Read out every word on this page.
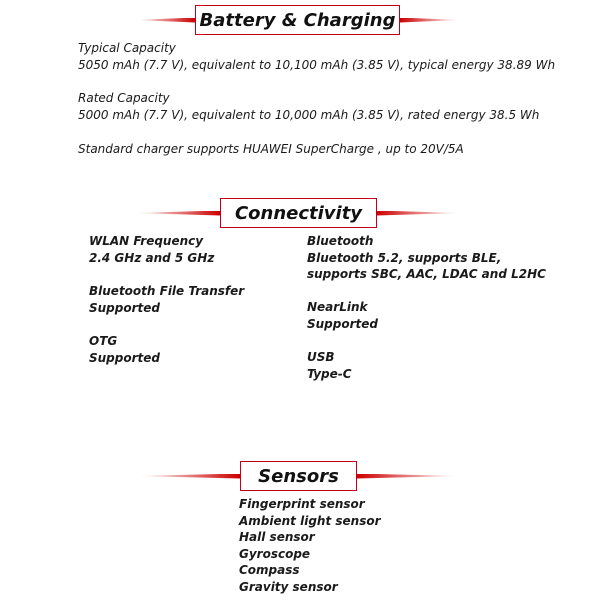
Battery & Charging
Typical Capacity
5050 mAh (7.7 V), equivalent to 10,100 mAh (3.85 V), typical energy 38.89 Wh
Rated Capacity
5000 mAh (7.7 V), equivalent to 10,000 mAh (3.85 V), rated energy 38.5 Wh
Standard charger supports HUAWEI SuperCharge , up to 20V/5A
Connectivity
WLAN Frequency
2.4 GHz and 5 GHz
Bluetooth File Transfer
Supported
OTG
Supported
Bluetooth
Bluetooth 5.2, supports BLE,
supports SBC, AAC, LDAC and L2HC
NearLink
Supported
USB
Type-C
Sensors
Fingerprint sensor
Ambient light sensor
Hall sensor
Gyroscope
Compass
Gravity sensor
